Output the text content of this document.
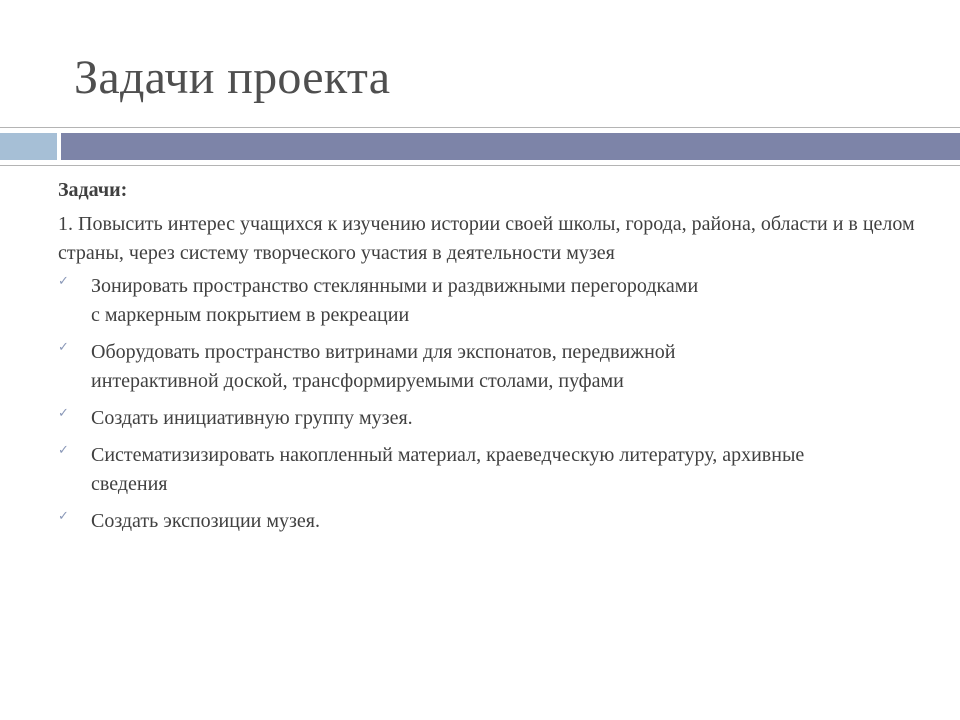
Задачи проекта

Задачи:

1. Повысить интерес учащихся к изучению истории своей школы, города, района, области и в целом страны, через систему творческого участия в деятельности музея

✓ Зонировать пространство стеклянными и раздвижными перегородками
с маркерным покрытием в рекреации
✓ Оборудовать пространство витринами для экспонатов, передвижной
интерактивной доской, трансформируемыми столами, пуфами
✓ Создать инициативную группу музея.
✓ Систематизизировать накопленный материал, краеведческую литературу, архивные
сведения
✓ Создать экспозиции музея.
